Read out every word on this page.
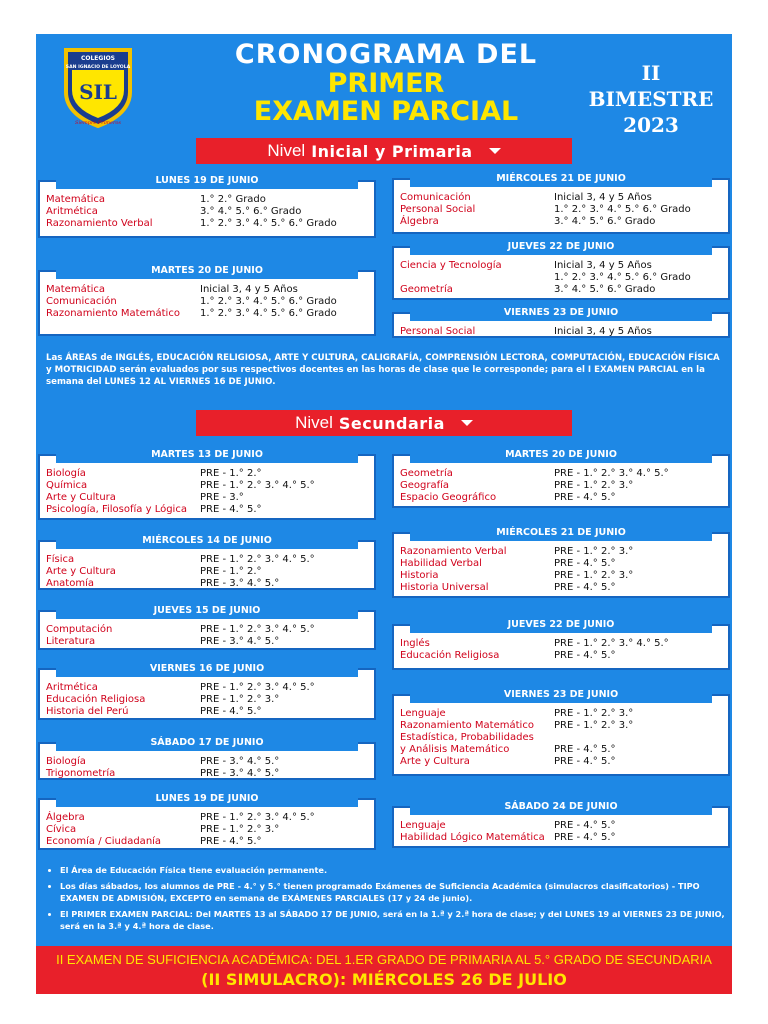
COLEGIOS
SAN IGNACIO DE LOYOLA
SIL
Siempre Primeros
CRONOGRAMA DEL
PRIMER
EXAMEN PARCIAL
II BIMESTRE
2023
Nivel Inicial y Primaria
LUNES 19 DE JUNIO
Matemática	1.° 2.° Grado
Aritmética	3.° 4.° 5.° 6.° Grado
Razonamiento Verbal	1.° 2.° 3.° 4.° 5.° 6.° Grado
MARTES 20 DE JUNIO
Matemática	Inicial 3, 4 y 5 Años
Comunicación	1.° 2.° 3.° 4.° 5.° 6.° Grado
Razonamiento Matemático	1.° 2.° 3.° 4.° 5.° 6.° Grado
MIÉRCOLES 21 DE JUNIO
Comunicación	Inicial 3, 4 y 5 Años
Personal Social	1.° 2.° 3.° 4.° 5.° 6.° Grado
Álgebra	3.° 4.° 5.° 6.° Grado
JUEVES 22 DE JUNIO
Ciencia y Tecnología	Inicial 3, 4 y 5 Años
1.° 2.° 3.° 4.° 5.° 6.° Grado
Geometría	3.° 4.° 5.° 6.° Grado
VIERNES 23 DE JUNIO
Personal Social	Inicial 3, 4 y 5 Años
Las ÁREAS de INGLÉS, EDUCACIÓN RELIGIOSA, ARTE Y CULTURA, CALIGRAFÍA, COMPRENSIÓN LECTORA, COMPUTACIÓN, EDUCACIÓN FÍSICA y MOTRICIDAD serán evaluados por sus respectivos docentes en las horas de clase que le corresponde; para el I EXAMEN PARCIAL en la semana del LUNES 12 AL VIERNES 16 DE JUNIO.
Nivel Secundaria
MARTES 13 DE JUNIO
Biología	PRE - 1.° 2.°
Química	PRE - 1.° 2.° 3.° 4.° 5.°
Arte y Cultura	PRE - 3.°
Psicología, Filosofía y Lógica	PRE - 4.° 5.°
MIÉRCOLES 14 DE JUNIO
Física	PRE - 1.° 2.° 3.° 4.° 5.°
Arte y Cultura	PRE - 1.° 2.°
Anatomía	PRE - 3.° 4.° 5.°
JUEVES 15 DE JUNIO
Computación	PRE - 1.° 2.° 3.° 4.° 5.°
Literatura	PRE - 3.° 4.° 5.°
VIERNES 16 DE JUNIO
Aritmética	PRE - 1.° 2.° 3.° 4.° 5.°
Educación Religiosa	PRE - 1.° 2.° 3.°
Historia del Perú	PRE - 4.° 5.°
SÁBADO 17 DE JUNIO
Biología	PRE - 3.° 4.° 5.°
Trigonometría	PRE - 3.° 4.° 5.°
LUNES 19 DE JUNIO
Álgebra	PRE - 1.° 2.° 3.° 4.° 5.°
Cívica	PRE - 1.° 2.° 3.°
Economía / Ciudadanía	PRE - 4.° 5.°
MARTES 20 DE JUNIO
Geometría	PRE - 1.° 2.° 3.° 4.° 5.°
Geografía	PRE - 1.° 2.° 3.°
Espacio Geográfico	PRE - 4.° 5.°
MIÉRCOLES 21 DE JUNIO
Razonamiento Verbal	PRE - 1.° 2.° 3.°
Habilidad Verbal	PRE - 4.° 5.°
Historia	PRE - 1.° 2.° 3.°
Historia Universal	PRE - 4.° 5.°
JUEVES 22 DE JUNIO
Inglés	PRE - 1.° 2.° 3.° 4.° 5.°
Educación Religiosa	PRE - 4.° 5.°
VIERNES 23 DE JUNIO
Lenguaje	PRE - 1.° 2.° 3.°
Razonamiento Matemático	PRE - 1.° 2.° 3.°
Estadística, Probabilidades
y Análisis Matemático	PRE - 4.° 5.°
Arte y Cultura	PRE - 4.° 5.°
SÁBADO 24 DE JUNIO
Lenguaje	PRE - 4.° 5.°
Habilidad Lógico Matemática PRE - 4.° 5.°
• El Área de Educación Física tiene evaluación permanente.
• Los días sábados, los alumnos de PRE - 4.° y 5.° tienen programado Exámenes de Suficiencia Académica (simulacros clasificatorios) - TIPO EXAMEN DE ADMISIÓN, EXCEPTO en semana de EXÁMENES PARCIALES (17 y 24 de junio).
• El PRIMER EXAMEN PARCIAL: Del MARTES 13 al SÁBADO 17 DE JUNIO, será en la 1.ª y 2.ª hora de clase; y del LUNES 19 al VIERNES 23 DE JUNIO, será en la 3.ª y 4.ª hora de clase.
II EXAMEN DE SUFICIENCIA ACADÉMICA: DEL 1.ER GRADO DE PRIMARIA AL 5.° GRADO DE SECUNDARIA
(II SIMULACRO): MIÉRCOLES 26 DE JULIO
